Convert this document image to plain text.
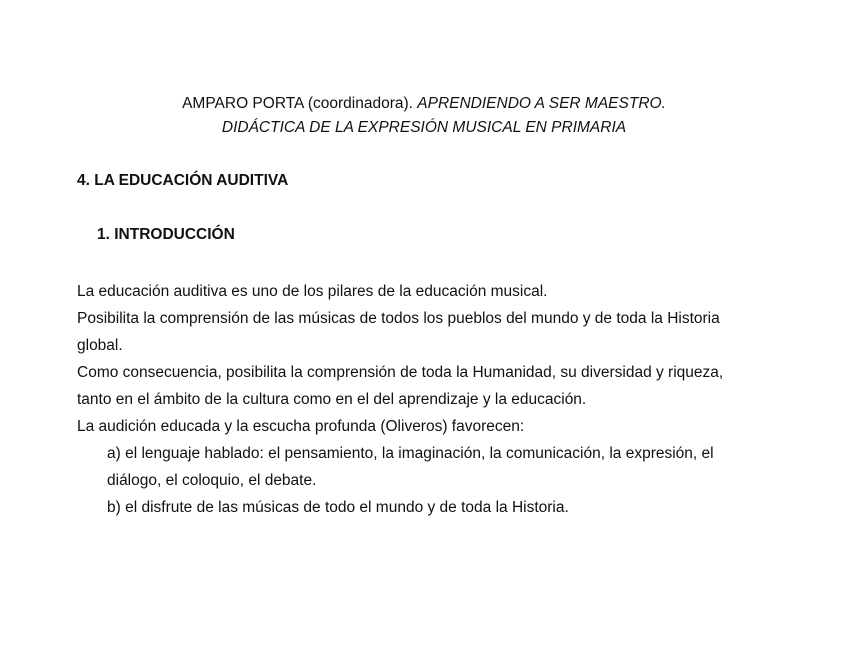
AMPARO PORTA (coordinadora). APRENDIENDO A SER MAESTRO.
DIDÁCTICA DE LA EXPRESIÓN MUSICAL EN PRIMARIA
4. LA EDUCACIÓN AUDITIVA
1. INTRODUCCIÓN

La educación auditiva es uno de los pilares de la educación musical.

Posibilita la comprensión de las músicas de todos los pueblos del mundo y de toda la Historia global.

Como consecuencia, posibilita la comprensión de toda la Humanidad, su diversidad y riqueza, tanto en el ámbito de la cultura como en el del aprendizaje y la educación.

La audición educada y la escucha profunda (Oliveros) favorecen:

a) el lenguaje hablado: el pensamiento, la imaginación, la comunicación, la expresión, el diálogo, el coloquio, el debate.

b) el disfrute de las músicas de todo el mundo y de toda la Historia.
